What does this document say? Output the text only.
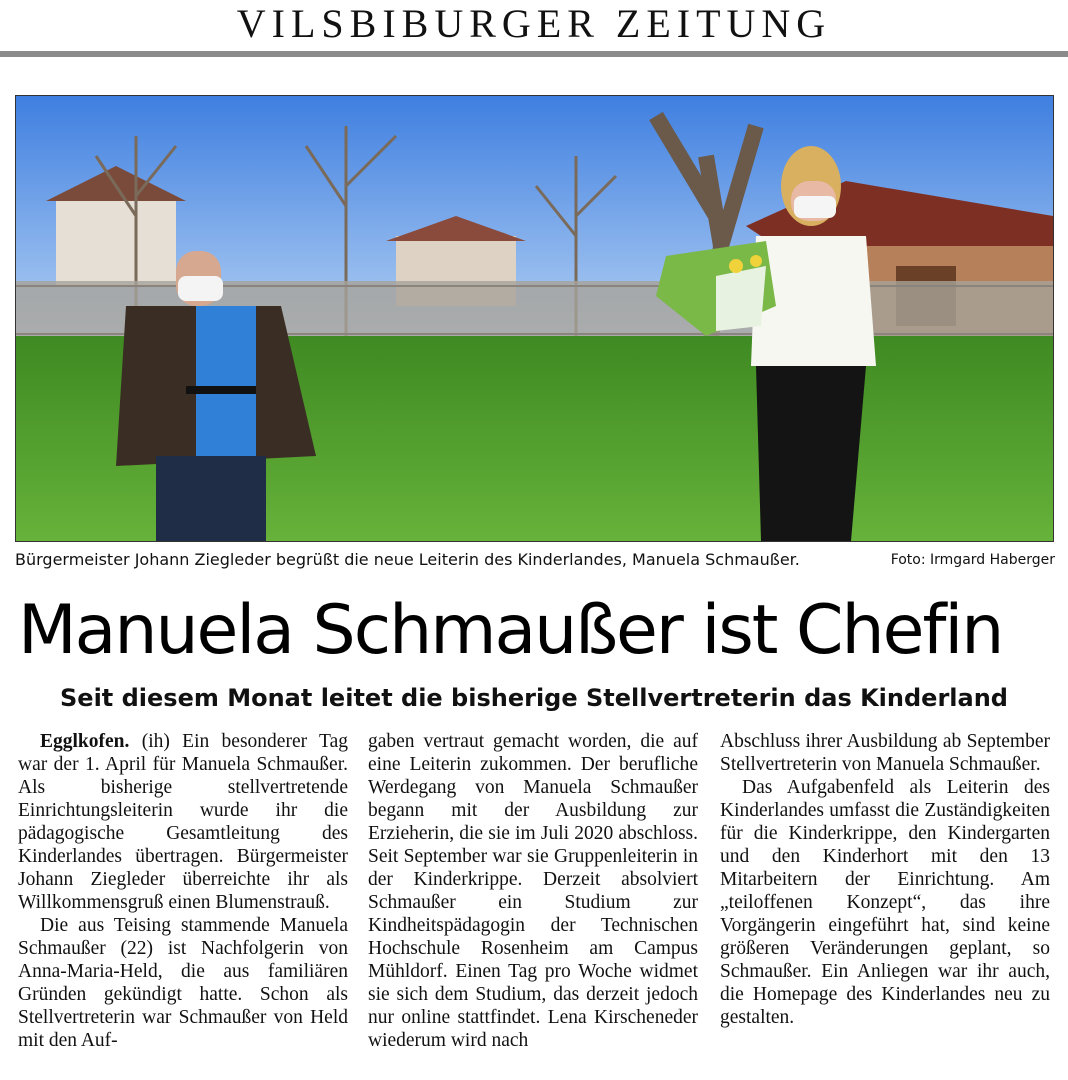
VILSBIBURGER ZEITUNG
Bürgermeister Johann Ziegleder begrüßt die neue Leiterin des Kinderlandes, Manuela Schmaußer.	Foto: Irmgard Haberger
Manuela Schmaußer ist Chefin
Seit diesem Monat leitet die bisherige Stellvertreterin das Kinderland

Egglkofen. (ih) Ein besonderer Tag war der 1. April für Manuela Schmaußer. Als bisherige stellvertretende Einrichtungsleiterin wurde ihr die pädagogische Gesamtleitung des Kinderlandes übertragen. Bürgermeister Johann Ziegleder überreichte ihr als Willkommensgruß einen Blumenstrauß.

Die aus Teising stammende Manuela Schmaußer (22) ist Nachfolgerin von Anna-Maria-Held, die aus familiären Gründen gekündigt hatte. Schon als Stellvertreterin war Schmaußer von Held mit den Auf-

gaben vertraut gemacht worden, die auf eine Leiterin zukommen. Der berufliche Werdegang von Manuela Schmaußer begann mit der Ausbildung zur Erzieherin, die sie im Juli 2020 abschloss. Seit September war sie Gruppenleiterin in der Kinderkrippe. Derzeit absolviert Schmaußer ein Studium zur Kindheitspädagogin der Technischen Hochschule Rosenheim am Campus Mühldorf. Einen Tag pro Woche widmet sie sich dem Studium, das derzeit jedoch nur online stattfindet. Lena Kirscheneder wiederum wird nach

Abschluss ihrer Ausbildung ab September Stellvertreterin von Manuela Schmaußer.

Das Aufgabenfeld als Leiterin des Kinderlandes umfasst die Zuständigkeiten für die Kinderkrippe, den Kindergarten und den Kinderhort mit den 13 Mitarbeitern der Einrichtung. Am „teiloffenen Konzept“, das ihre Vorgängerin eingeführt hat, sind keine größeren Veränderungen geplant, so Schmaußer. Ein Anliegen war ihr auch, die Homepage des Kinderlandes neu zu gestalten.
